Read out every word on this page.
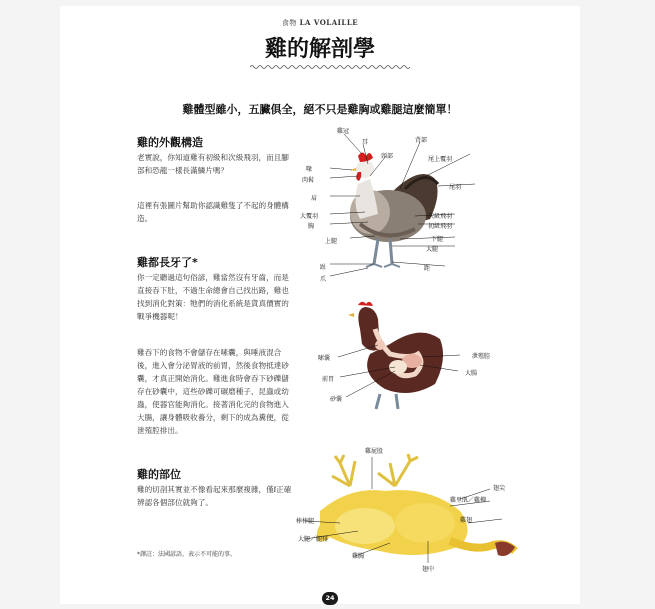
食物 LA VOLAILLE
雞的解剖學
雞體型雖小，五臟俱全，絕不只是雞胸或雞腿這麼簡單！
雞的外觀構造
老實說，你知道雞有初級和次級飛羽，而且腳部和恐龍一樣長滿鱗片嗎？
這裡有張圖片幫助你認識雞隻了不起的身體構造。
雞都長牙了*
你一定聽過這句俗諺，雞當然沒有牙齒，而是直接吞下肚，不過生命總會自己找出路，雞也找到消化對策：牠們的消化系統是貨真價實的戰爭機器呢！
雞吞下的食物不會儲存在嗉囊，與唾液混合後，進入會分泌胃液的前胃，然後食物抵達砂囊，才真正開始消化。雞進食時會吞下砂礫儲存在砂囊中，這些砂礫可碾磨種子、昆蟲或幼蟲，使器官能夠消化。接著消化完的食物進入大腸，讓身體吸收養分，剩下的成為糞便，從泄殖腔排出。
雞的部位
雞的切剖其實並不像看起來那麼複雜，僅វ正確辨認各個部位就夠了。
*譯註：法國諺語，表示不可能的事。
雞冠
耳
頸部
背部
喙
尾上覆羽
肉髯
尾羽
肩
大覆羽	次級飛羽
胸	初級飛羽
上腿	下腿
大腿
趾
爪
距
嗉囊	泄殖腔
前胃
大腸
砂囊
雞屁股
翅尖
雞里肌／雞柳
雞翅
棒棒腿
大腿／腿排
雞胸
翅中
24
